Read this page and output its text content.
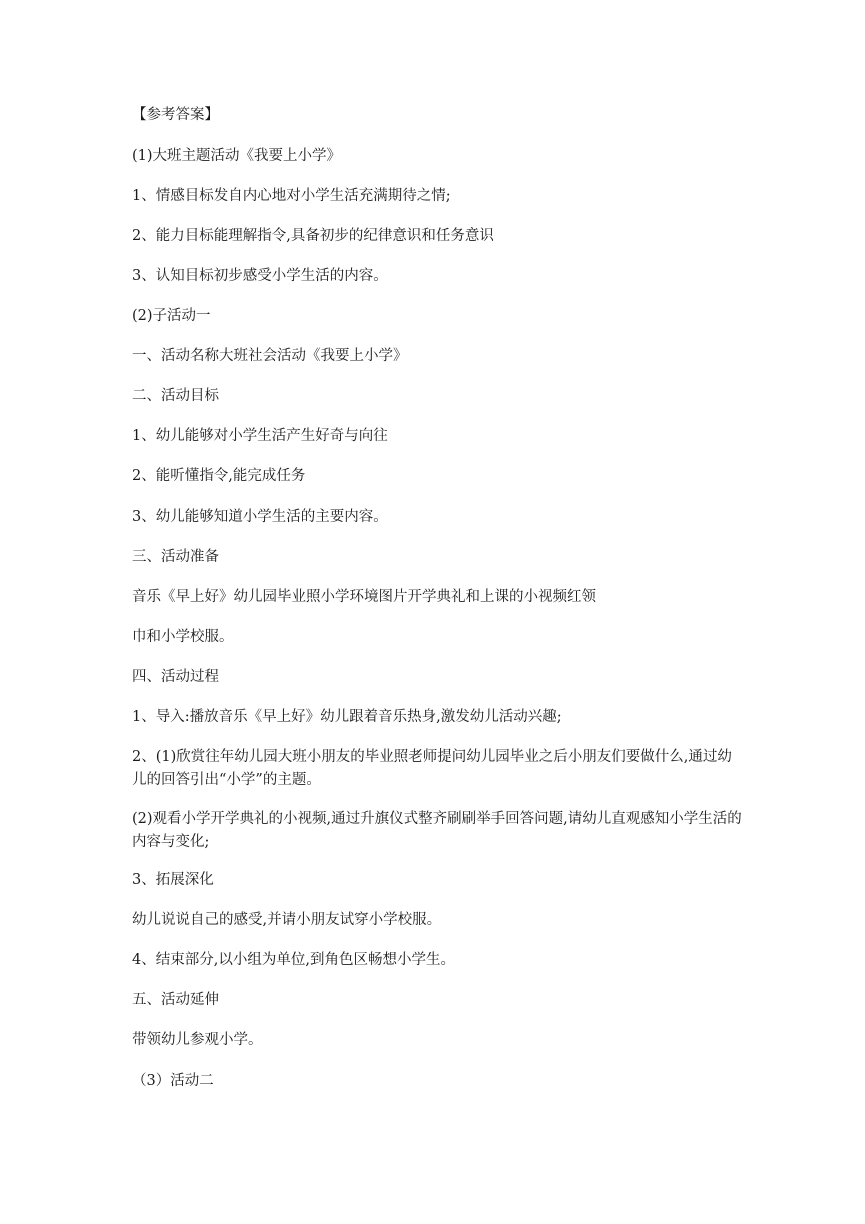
【参考答案】

(1)大班主题活动《我要上小学》

1、情感目标发自内心地对小学生活充满期待之情;

2、能力目标能理解指令,具备初步的纪律意识和任务意识

3、认知目标初步感受小学生活的内容。

(2)子活动一

一、活动名称大班社会活动《我要上小学》

二、活动目标

1、幼儿能够对小学生活产生好奇与向往

2、能听懂指令,能完成任务

3、幼儿能够知道小学生活的主要内容。

三、活动准备

音乐《早上好》幼儿园毕业照小学环境图片开学典礼和上课的小视频红领

巾和小学校服。

四、活动过程

1、导入:播放音乐《早上好》幼儿跟着音乐热身,激发幼儿活动兴趣;

2、(1)欣赏往年幼儿园大班小朋友的毕业照老师提问幼儿园毕业之后小朋友们要做什么,通过幼儿的回答引出“小学”的主题。

(2)观看小学开学典礼的小视频,通过升旗仪式整齐刷刷举手回答问题,请幼儿直观感知小学生活的内容与变化;

3、拓展深化

幼儿说说自己的感受,并请小朋友试穿小学校服。

4、结束部分,以小组为单位,到角色区畅想小学生。

五、活动延伸

带领幼儿参观小学。

（3）活动二
